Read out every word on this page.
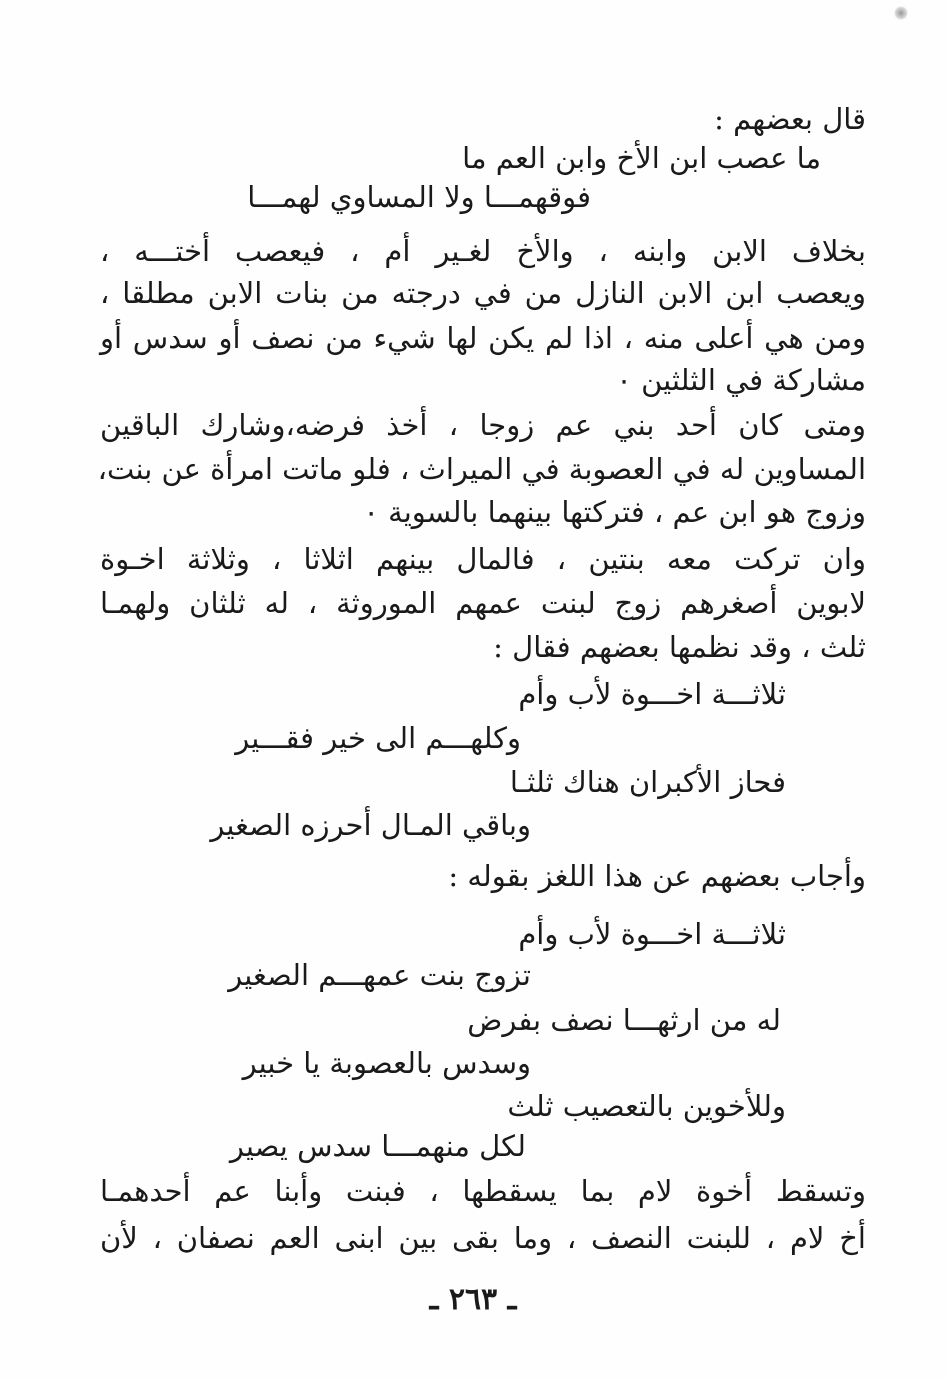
قال بعضهم :
ما عصب ابن الأخ وابن العم ما
فوقهمـــا ولا المساوي لهمـــا
بخلاف الابن وابنه ، والأخ لغـير أم ، فيعصب أختـــه ،
ويعصب ابن الابن النازل من في درجته من بنات الابن مطلقا ،
ومن هي أعلى منه ، اذا لم يكن لها شيء من نصف أو سدس أو
مشاركة في الثلثين ٠
ومتى كان أحد بني عم زوجا ، أخذ فرضه،وشارك الباقين
المساوين له في العصوبة في الميراث ، فلو ماتت امرأة عن بنت،
وزوج هو ابن عم ، فتركتها بينهما بالسوية ٠
وان تركت معه بنتين ، فالمال بينهم اثلاثا ، وثلاثة اخـوة
لابوين أصغرهم زوج لبنت عمهم الموروثة ، له ثلثان ولهمـا
ثلث ، وقد نظمها بعضهم فقال :
ثلاثـــة اخـــوة لأب وأم
وكلهـــم الى خير فقـــير
فحاز الأكبران هناك ثلثـا
وباقي المـال أحرزه الصغير
وأجاب بعضهم عن هذا اللغز بقوله :
ثلاثـــة اخـــوة لأب وأم
تزوج بنت عمهـــم الصغير
له من ارثهـــا نصف بفرض
وسدس بالعصوبة يا خبير
وللأخوين بالتعصيب ثلث
لكل منهمـــا سدس يصير
وتسقط أخوة لام بما يسقطها ، فبنت وأبنا عم أحدهمـا
أخ لام ، للبنت النصف ، وما بقى بين ابنى العم نصفان ، لأن
ـ ٢٦٣ ـ
